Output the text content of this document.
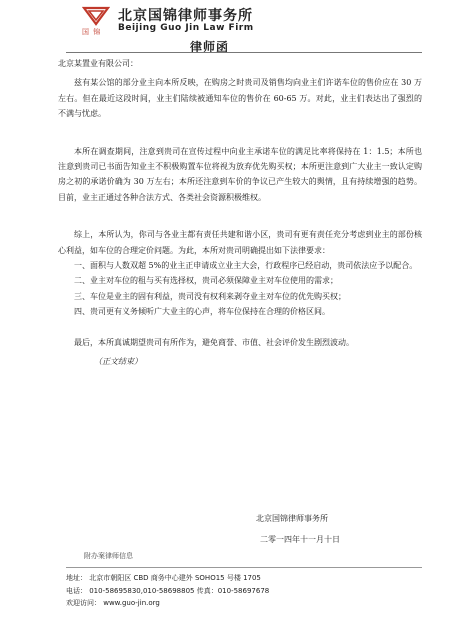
国 锦
北京国锦律师事务所
Beijing Guo Jin Law Firm
律师函

北京某置业有限公司：

兹有某公馆的部分业主向本所反映，在购房之时贵司及销售均向业主们许诺车位的售价应在 30 万左右。但在最近这段时间，业主们陆续被通知车位的售价在 60-65 万。对此，业主们表达出了强烈的不满与忧虑。

本所在调查期间，注意到贵司在宣传过程中向业主承诺车位的满足比率将保持在 1：1.5；本所也注意到贵司已书面告知业主不积极购置车位将视为放弃优先购买权；本所更注意到广大业主一致认定购房之初的承诺价确为 30 万左右；本所还注意到车价的争议已产生较大的舆情，且有持续增强的趋势。目前，业主正通过各种合法方式、各类社会资源积极维权。

综上，本所认为，你司与各业主都有责任共建和谐小区，贵司有更有责任充分考虑到业主的部份核心利益，如车位的合理定价问题。为此，本所对贵司明确提出如下法律要求：

一、面积与人数双超 5%的业主正申请成立业主大会，行政程序已经启动，贵司依法应予以配合。

二、业主对车位的租与买有选择权，贵司必须保障业主对车位使用的需求；

三、车位是业主的固有利益，贵司没有权利来剥夺业主对车位的优先购买权；

四、贵司更有义务倾听广大业主的心声，将车位保持在合理的价格区间。

最后，本所真诚期望贵司有所作为，避免商誉、市值、社会评价发生剧烈波动。

（正文结束）

北京国锦律师事务所
二零一四年十一月十日
附办案律师信息
地址： 北京市朝阳区 CBD 商务中心建外 SOHO15 号楼 1705
电话： 010-58695830,010-58698805 传真：010-58697678
欢迎访问： www.guo-jin.org
